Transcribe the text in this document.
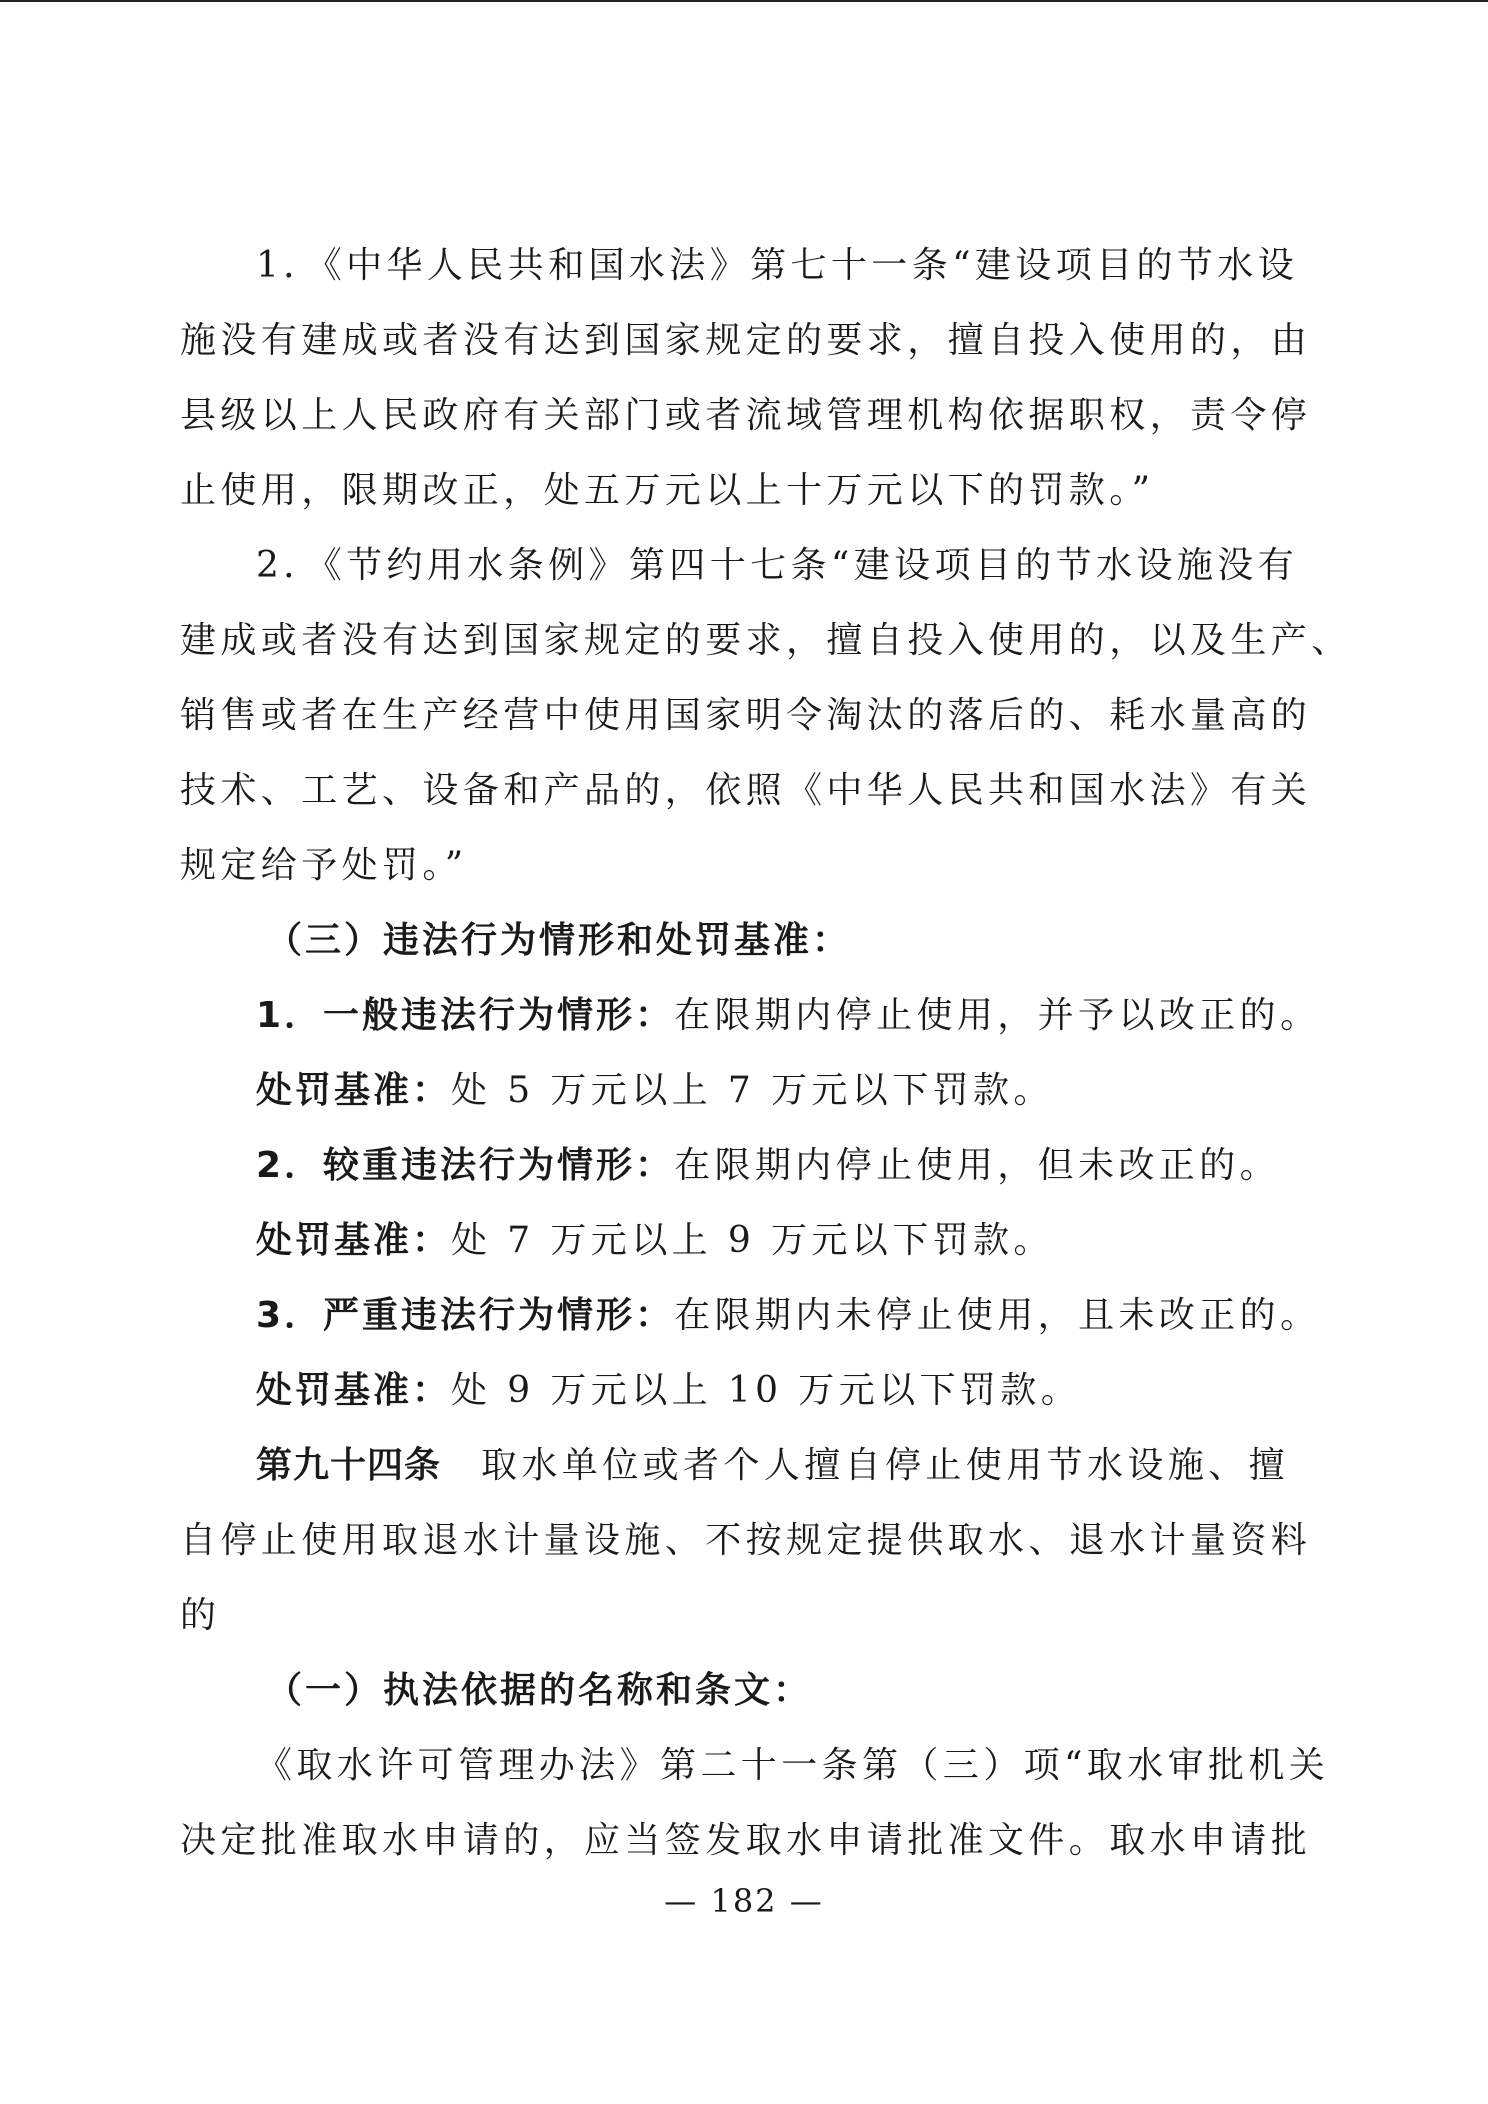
1．《中华人民共和国水法》第七十一条“建设项目的节水设
施没有建成或者没有达到国家规定的要求，擅自投入使用的，由
县级以上人民政府有关部门或者流域管理机构依据职权，责令停
止使用，限期改正，处五万元以上十万元以下的罚款。”
2．《节约用水条例》第四十七条“建设项目的节水设施没有
建成或者没有达到国家规定的要求，擅自投入使用的，以及生产、
销售或者在生产经营中使用国家明令淘汰的落后的、耗水量高的
技术、工艺、设备和产品的，依照《中华人民共和国水法》有关
规定给予处罚。”
（三）违法行为情形和处罚基准：
1．一般违法行为情形：在限期内停止使用，并予以改正的。
处罚基准：处 5 万元以上 7 万元以下罚款。
2．较重违法行为情形：在限期内停止使用，但未改正的。
处罚基准：处 7 万元以上 9 万元以下罚款。
3．严重违法行为情形：在限期内未停止使用，且未改正的。
处罚基准：处 9 万元以上 10 万元以下罚款。
第九十四条 取水单位或者个人擅自停止使用节水设施、擅
自停止使用取退水计量设施、不按规定提供取水、退水计量资料
的
（一）执法依据的名称和条文：
《取水许可管理办法》第二十一条第（三）项“取水审批机关
决定批准取水申请的，应当签发取水申请批准文件。取水申请批
— 182 —
